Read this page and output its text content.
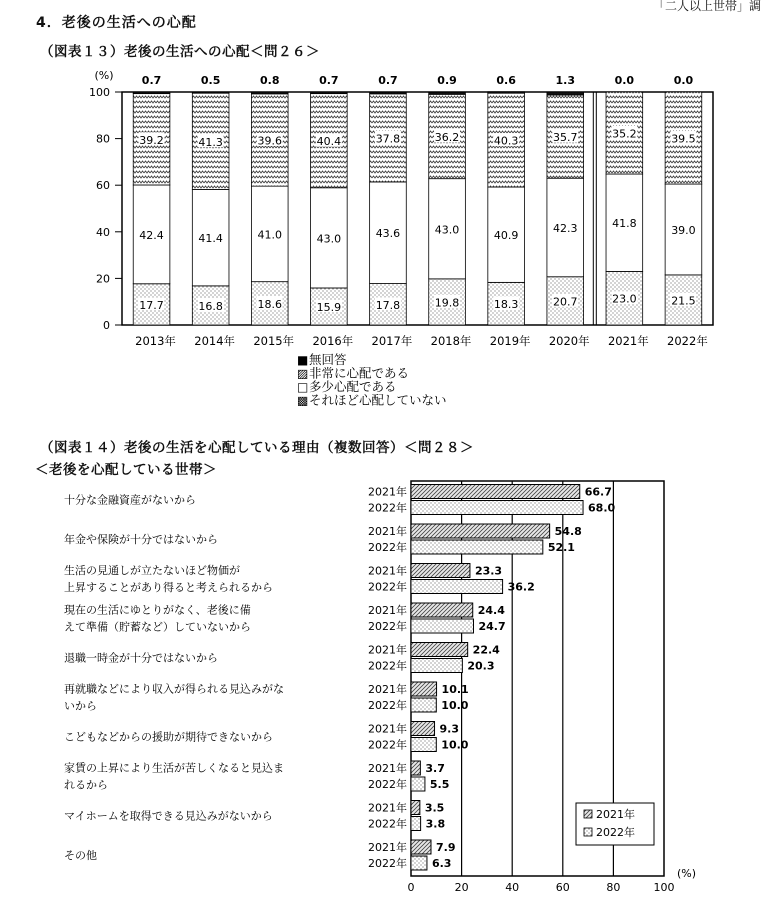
「二人以上世帯」調
4．老後の生活への心配
（図表１３）老後の生活への心配＜問２６＞
(%)
0
20
40
60
80
100
2013年 2014年 2015年 2016年 2017年 2018年 2019年 2020年 2021年 2022年
17.7
42.4
39.2
0.7
16.8
41.4
41.3
0.5
18.6
41.0
39.6
0.8
15.9
43.0
40.4
0.7
17.8
43.6
37.8
0.7
19.8
43.0
36.2
0.9
18.3
40.9
40.3
0.6
20.7
42.3
35.7
1.3
23.0
41.8
35.2
0.0
21.5
39.0
39.5
0.0
■ 無回答
▨ 非常に心配である
□ 多少心配である
▩ それほど心配していない
（図表１４）老後の生活を心配している理由（複数回答）＜問２８＞
＜老後を心配している世帯＞
十分な金融資産がないから
2021年
2022年
年金や保険が十分ではないから
2021年
2022年
生活の見通しが立たないほど物価が
上昇することがあり得ると考えられるから
2021年
2022年
現在の生活にゆとりがなく、老後に備
えて準備（貯蓄など）していないから
2021年
2022年
退職一時金が十分ではないから
2021年
2022年
再就職などにより収入が得られる見込みがな
いから
2021年
2022年
こどもなどからの援助が期待できないから
2021年
2022年
家賃の上昇により生活が苦しくなると見込ま
れるから
2021年
2022年
マイホームを取得できる見込みがないから
2021年
2022年
その他
2021年
2022年
0	20	40	60	80	100
(%)
66.7
68.0
54.8
52.1
23.3
36.2
24.4
24.7
22.4
20.3
10.1
10.0
9.3
10.0
3.7
5.5
3.5
3.8
7.9
6.3
2021年
2022年
